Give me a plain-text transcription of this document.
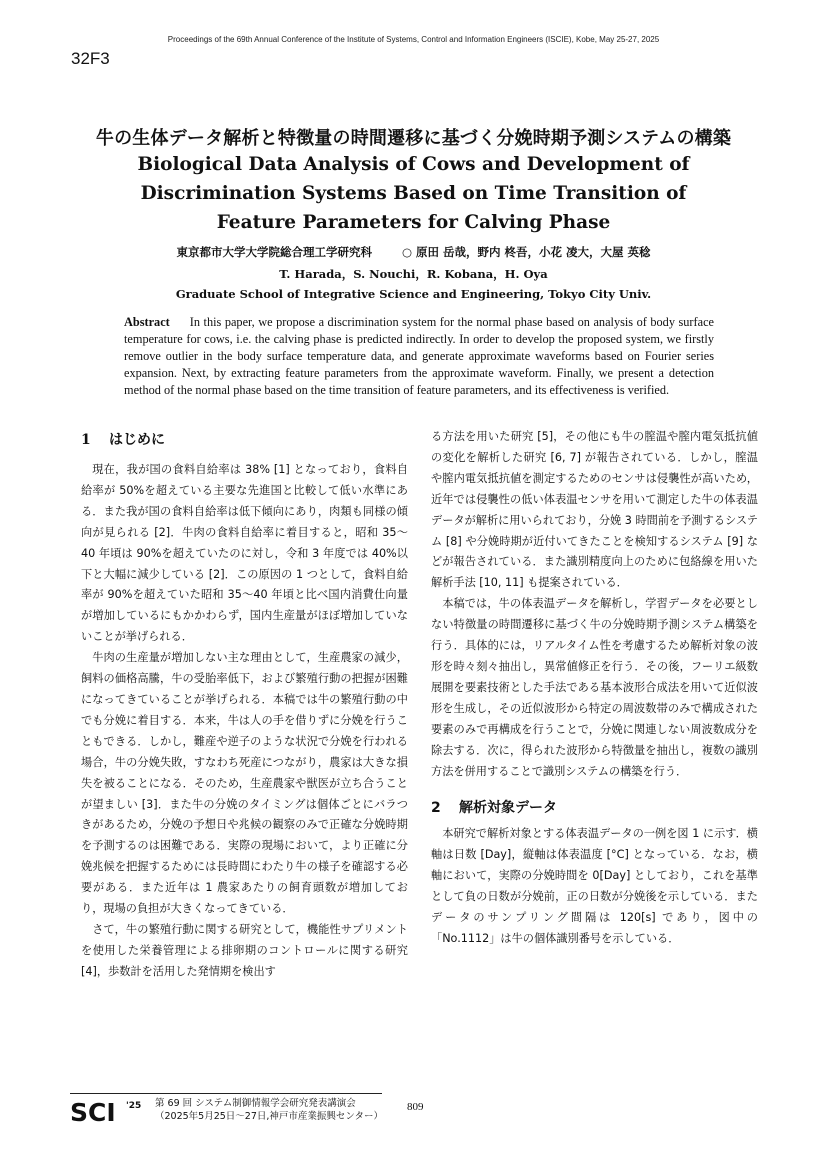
Proceedings of the 69th Annual Conference of the Institute of Systems, Control and Information Engineers (ISCIE), Kobe, May 25-27, 2025
32F3
牛の生体データ解析と特徴量の時間遷移に基づく分娩時期予測システムの構築
Biological Data Analysis of Cows and Development of Discrimination Systems Based on Time Transition of Feature Parameters for Calving Phase
東京都市大学大学院総合理工学研究科	○ 原田 岳哉，野内 柊吾，小花 凌大，大屋 英稔
T. Harada，S. Nouchi，R. Kobana，H. Oya
Graduate School of Integrative Science and Engineering, Tokyo City Univ.
Abstract In this paper, we propose a discrimination system for the normal phase based on analysis of body surface temperature for cows, i.e. the calving phase is predicted indirectly. In order to develop the proposed system, we firstly remove outlier in the body surface temperature data, and generate approximate waveforms based on Fourier series expansion. Next, by extracting feature parameters from the approximate waveform. Finally, we present a detection method of the normal phase based on the time transition of feature parameters, and its effectiveness is verified.
1 はじめに

現在，我が国の食料自給率は 38% [1] となっており，食料自給率が 50%を超えている主要な先進国と比較して低い水準にある．また我が国の食料自給率は低下傾向にあり，肉類も同様の傾向が見られる [2]．牛肉の食料自給率に着目すると，昭和 35〜40 年頃は 90%を超えていたのに対し，令和 3 年度では 40%以下と大幅に減少している [2]．この原因の 1 つとして，食料自給率が 90%を超えていた昭和 35〜40 年頃と比べ国内消費仕向量が増加しているにもかかわらず，国内生産量がほぼ増加していないことが挙げられる．

牛肉の生産量が増加しない主な理由として，生産農家の減少，飼料の価格高騰，牛の受胎率低下，および繁殖行動の把握が困難になってきていることが挙げられる．本稿では牛の繁殖行動の中でも分娩に着目する．本来，牛は人の手を借りずに分娩を行うこともできる．しかし，難産や逆子のような状況で分娩を行われる場合，牛の分娩失敗，すなわち死産につながり，農家は大きな損失を被ることになる．そのため，生産農家や獣医が立ち合うことが望ましい [3]．また牛の分娩のタイミングは個体ごとにバラつきがあるため，分娩の予想日や兆候の観察のみで正確な分娩時期を予測するのは困難である．実際の現場において，より正確に分娩兆候を把握するためには長時間にわたり牛の様子を確認する必要がある．また近年は 1 農家あたりの飼育頭数が増加しており，現場の負担が大きくなってきている．

さて，牛の繁殖行動に関する研究として，機能性サプリメントを使用した栄養管理による排卵期のコントロールに関する研究 [4]，歩数計を活用した発情期を検出す

る方法を用いた研究 [5]，その他にも牛の膣温や膣内電気抵抗値の変化を解析した研究 [6, 7] が報告されている．しかし，膣温や膣内電気抵抗値を測定するためのセンサは侵襲性が高いため，近年では侵襲性の低い体表温センサを用いて測定した牛の体表温データが解析に用いられており，分娩 3 時間前を予測するシステム [8] や分娩時期が近付いてきたことを検知するシステム [9] などが報告されている．また識別精度向上のために包絡線を用いた解析手法 [10, 11] も提案されている．

本稿では，牛の体表温データを解析し，学習データを必要としない特徴量の時間遷移に基づく牛の分娩時期予測システム構築を行う．具体的には，リアルタイム性を考慮するため解析対象の波形を時々刻々抽出し，異常値修正を行う．その後，フーリエ級数展開を要素技術とした手法である基本波形合成法を用いて近似波形を生成し，その近似波形から特定の周波数帯のみで構成された要素のみで再構成を行うことで，分娩に関連しない周波数成分を除去する．次に，得られた波形から特徴量を抽出し，複数の識別方法を併用することで識別システムの構築を行う．

2 解析対象データ

本研究で解析対象とする体表温データの一例を図 1 に示す．横軸は日数 [Day]，縦軸は体表温度 [°C] となっている．なお，横軸において，実際の分娩時間を 0[Day] としており，これを基準として負の日数が分娩前，正の日数が分娩後を示している．またデータのサンプリング間隔は 120[s] であり，図中の「No.1112」は牛の個体識別番号を示している．

SCI '25 第 69 回 システム制御情報学会研究発表講演会
（2025年5月25日〜27日,神戸市産業振興センター）
809
